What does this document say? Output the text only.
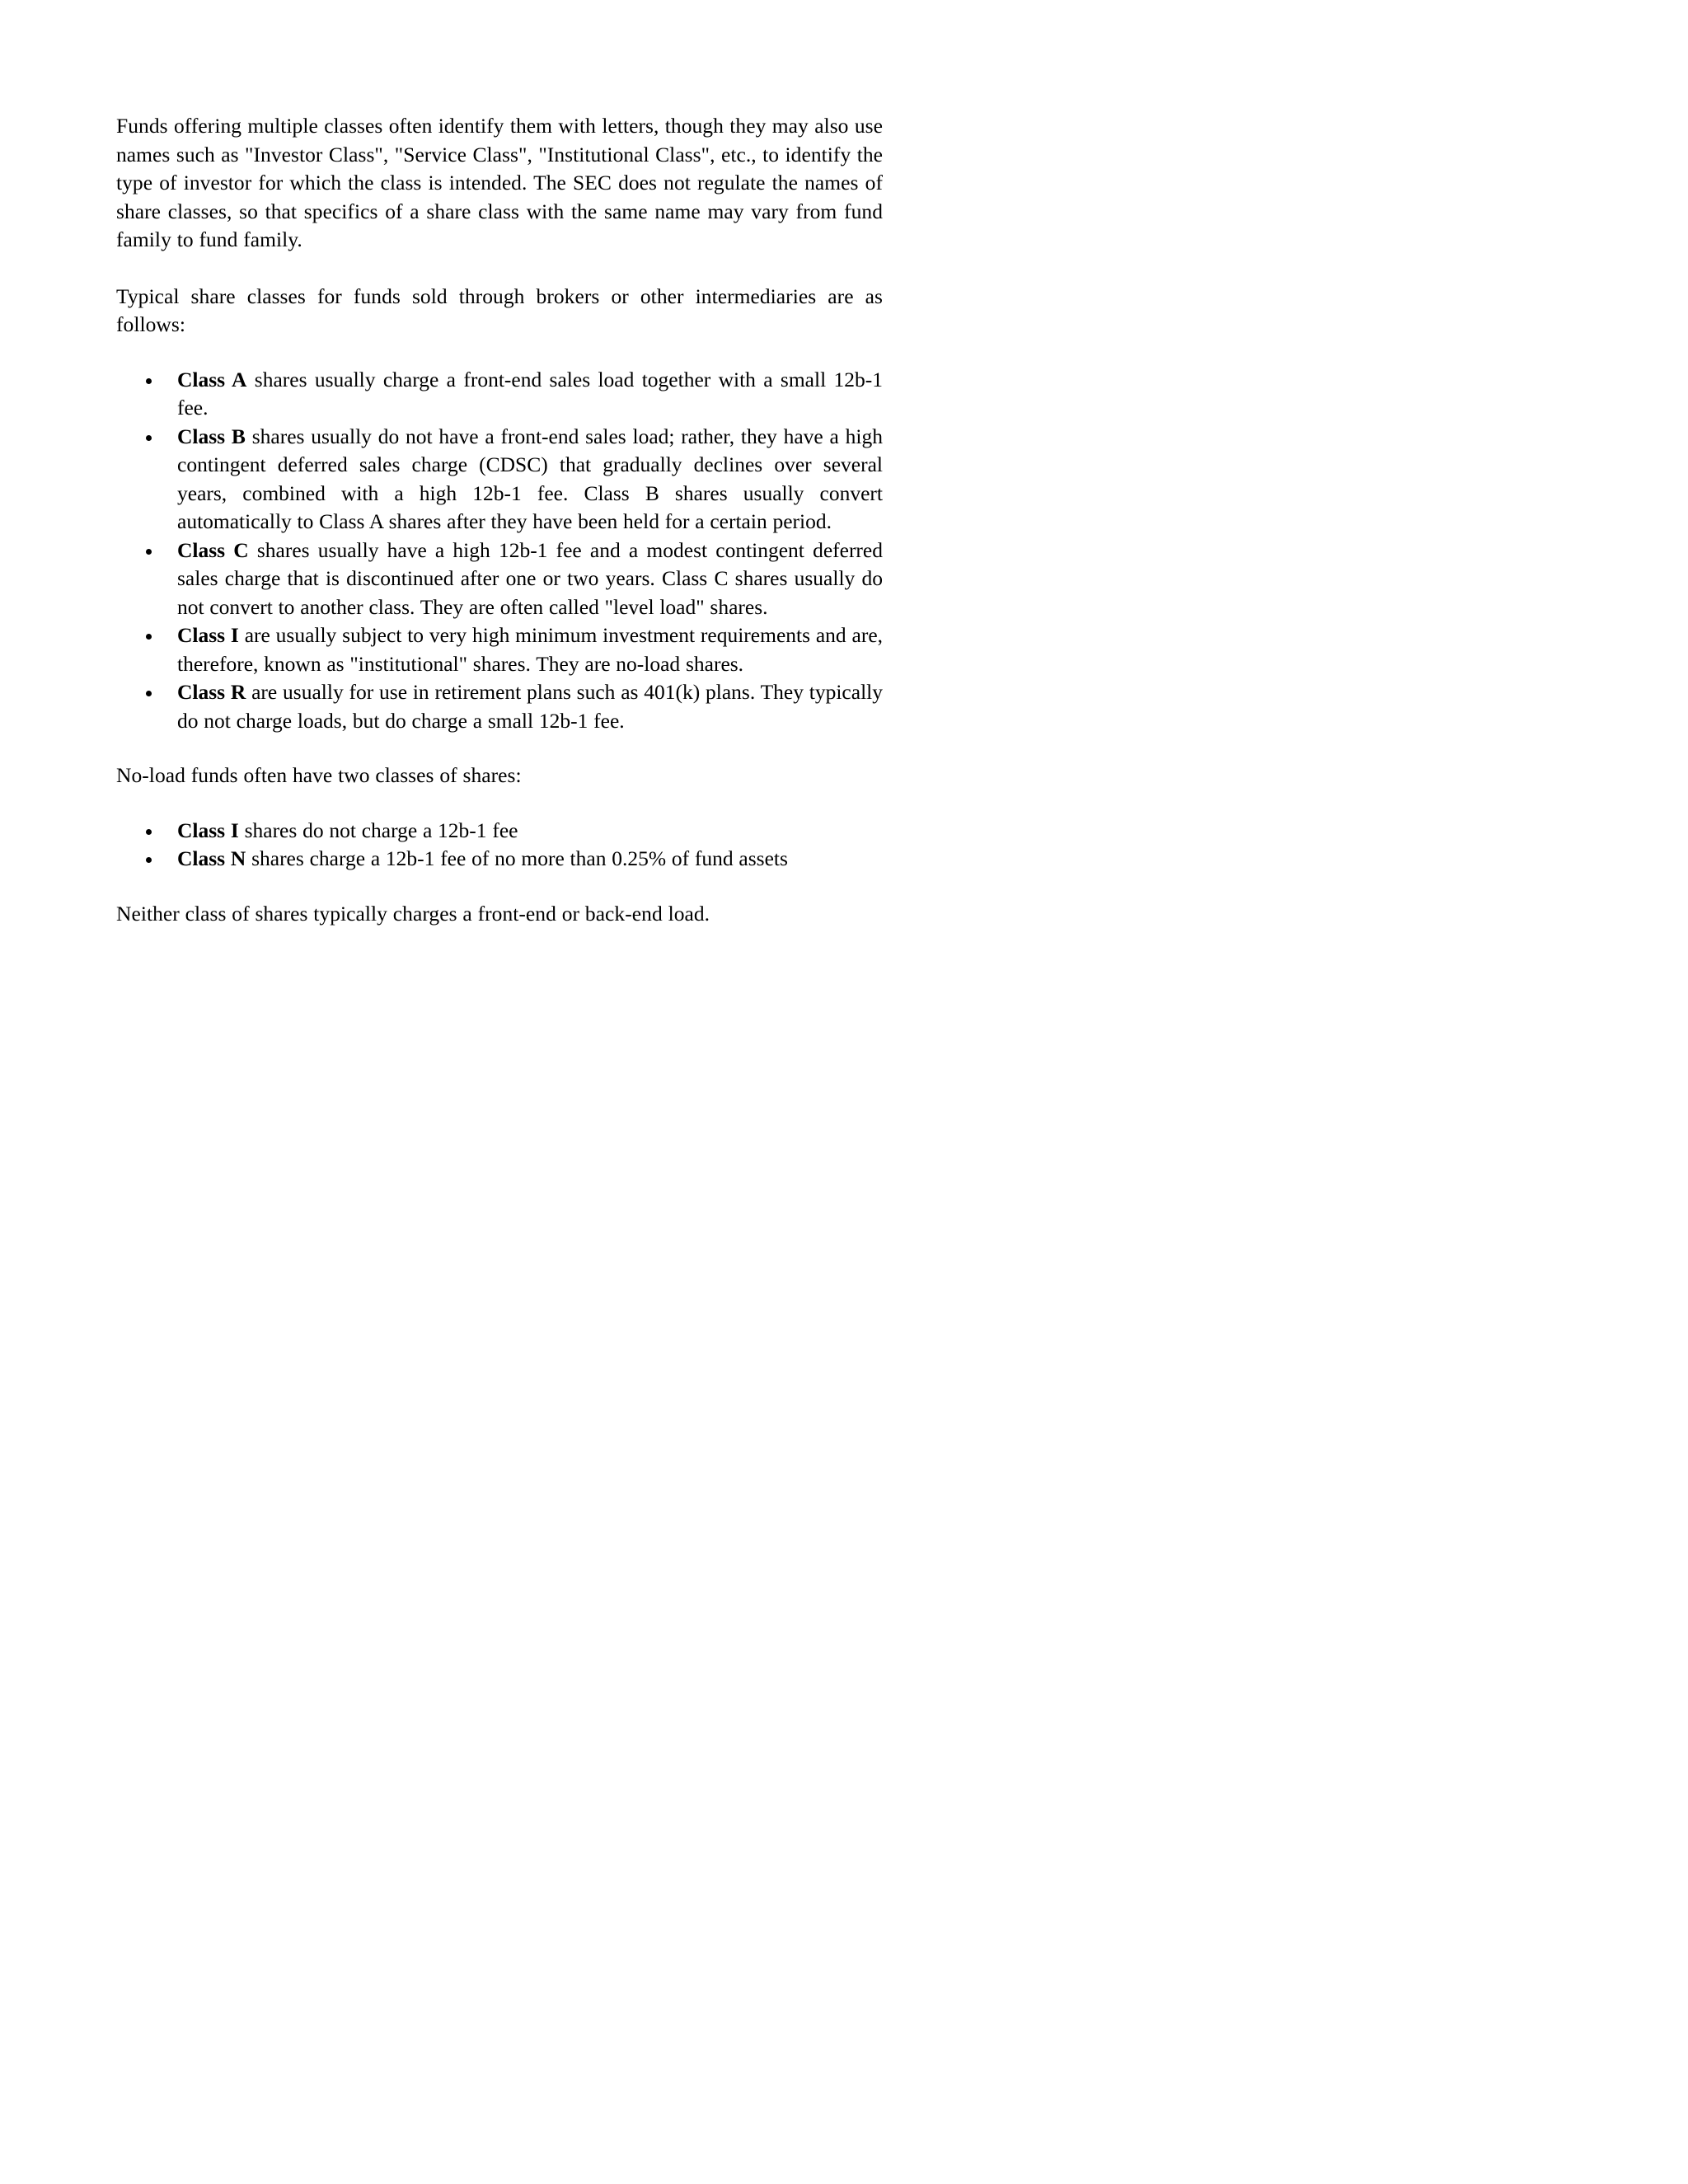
Funds offering multiple classes often identify them with letters, though they may also use names such as "Investor Class", "Service Class", "Institutional Class", etc., to identify the type of investor for which the class is intended. The SEC does not regulate the names of share classes, so that specifics of a share class with the same name may vary from fund family to fund family.

Typical share classes for funds sold through brokers or other intermediaries are as follows:

Class A shares usually charge a front-end sales load together with a small 12b-1 fee.
Class B shares usually do not have a front-end sales load; rather, they have a high contingent deferred sales charge (CDSC) that gradually declines over several years, combined with a high 12b-1 fee. Class B shares usually convert automatically to Class A shares after they have been held for a certain period.
Class C shares usually have a high 12b-1 fee and a modest contingent deferred sales charge that is discontinued after one or two years. Class C shares usually do not convert to another class. They are often called "level load" shares.
Class I are usually subject to very high minimum investment requirements and are, therefore, known as "institutional" shares. They are no-load shares.
Class R are usually for use in retirement plans such as 401(k) plans. They typically do not charge loads, but do charge a small 12b-1 fee.

No-load funds often have two classes of shares:

Class I shares do not charge a 12b-1 fee
Class N shares charge a 12b-1 fee of no more than 0.25% of fund assets

Neither class of shares typically charges a front-end or back-end load.
